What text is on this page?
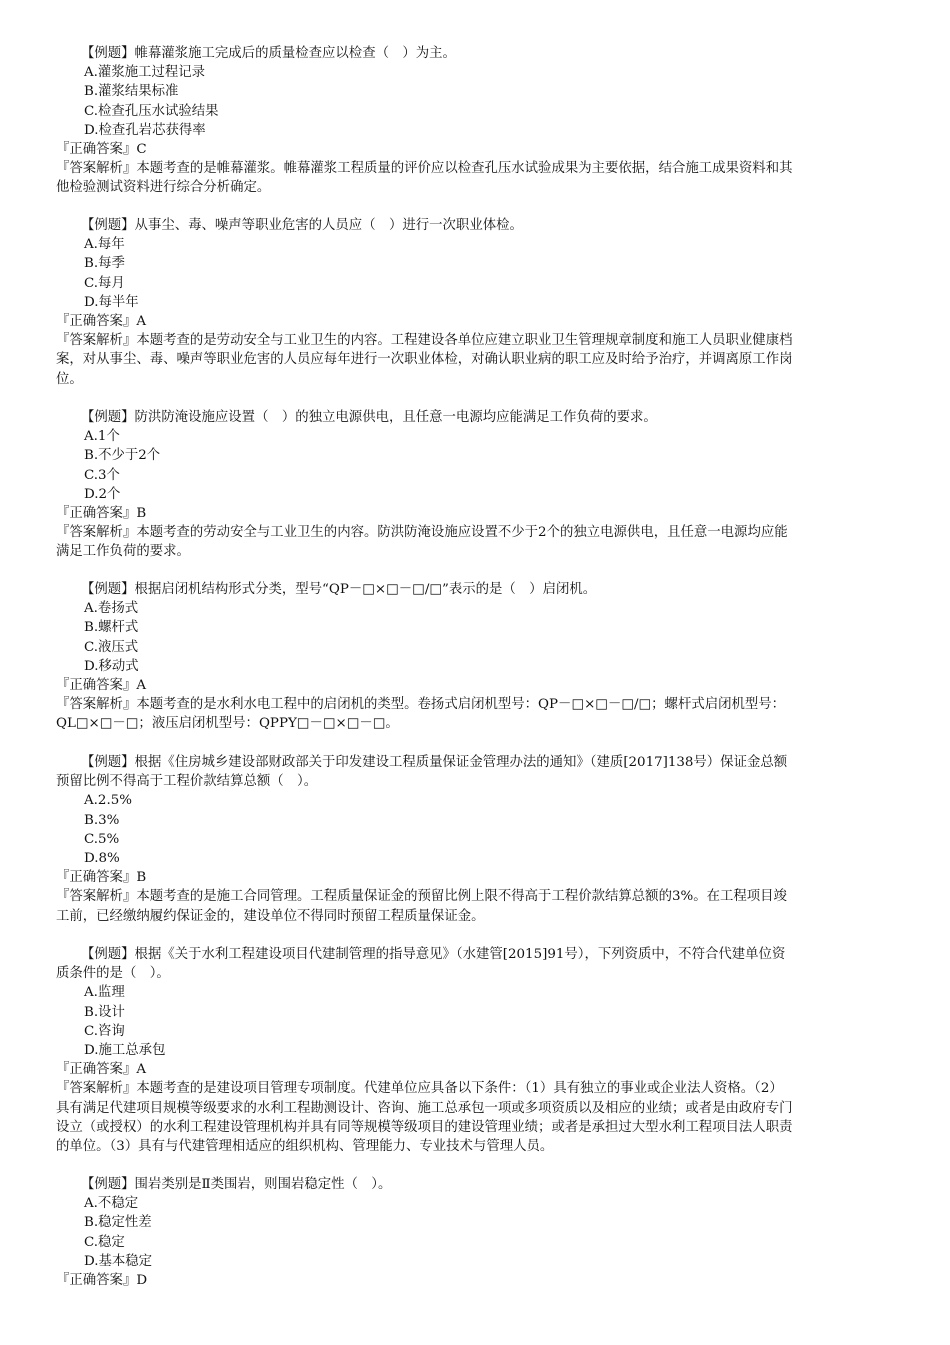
【例题】帷幕灌浆施工完成后的质量检查应以检查（　）为主。
A.灌浆施工过程记录
B.灌浆结果标准
C.检查孔压水试验结果
D.检查孔岩芯获得率
『正确答案』C
『答案解析』本题考查的是帷幕灌浆。帷幕灌浆工程质量的评价应以检查孔压水试验成果为主要依据，结合施工成果资料和其
他检验测试资料进行综合分析确定。
【例题】从事尘、毒、噪声等职业危害的人员应（　）进行一次职业体检。
A.每年
B.每季
C.每月
D.每半年
『正确答案』A
『答案解析』本题考查的是劳动安全与工业卫生的内容。工程建设各单位应建立职业卫生管理规章制度和施工人员职业健康档
案，对从事尘、毒、噪声等职业危害的人员应每年进行一次职业体检，对确认职业病的职工应及时给予治疗，并调离原工作岗
位。
【例题】防洪防淹设施应设置（　）的独立电源供电，且任意一电源均应能满足工作负荷的要求。
A.1个
B.不少于2个
C.3个
D.2个
『正确答案』B
『答案解析』本题考查的劳动安全与工业卫生的内容。防洪防淹设施应设置不少于2个的独立电源供电，且任意一电源均应能
满足工作负荷的要求。
【例题】根据启闭机结构形式分类，型号“QP－□×□－□/□”表示的是（　）启闭机。
A.卷扬式
B.螺杆式
C.液压式
D.移动式
『正确答案』A
『答案解析』本题考查的是水利水电工程中的启闭机的类型。卷扬式启闭机型号：QP－□×□－□/□；螺杆式启闭机型号：
QL□×□－□；液压启闭机型号：QPPY□－□×□－□。
【例题】根据《住房城乡建设部财政部关于印发建设工程质量保证金管理办法的通知》（建质[2017]138号）保证金总额
预留比例不得高于工程价款结算总额（　）。
A.2.5%
B.3%
C.5%
D.8%
『正确答案』B
『答案解析』本题考查的是施工合同管理。工程质量保证金的预留比例上限不得高于工程价款结算总额的3%。在工程项目竣
工前，已经缴纳履约保证金的，建设单位不得同时预留工程质量保证金。
【例题】根据《关于水利工程建设项目代建制管理的指导意见》（水建管[2015]91号），下列资质中，不符合代建单位资
质条件的是（　）。
A.监理
B.设计
C.咨询
D.施工总承包
『正确答案』A
『答案解析』本题考查的是建设项目管理专项制度。代建单位应具备以下条件：（1）具有独立的事业或企业法人资格。（2）
具有满足代建项目规模等级要求的水利工程勘测设计、咨询、施工总承包一项或多项资质以及相应的业绩；或者是由政府专门
设立（或授权）的水利工程建设管理机构并具有同等规模等级项目的建设管理业绩；或者是承担过大型水利工程项目法人职责
的单位。（3）具有与代建管理相适应的组织机构、管理能力、专业技术与管理人员。
【例题】围岩类别是Ⅱ类围岩，则围岩稳定性（　）。
A.不稳定
B.稳定性差
C.稳定
D.基本稳定
『正确答案』D
